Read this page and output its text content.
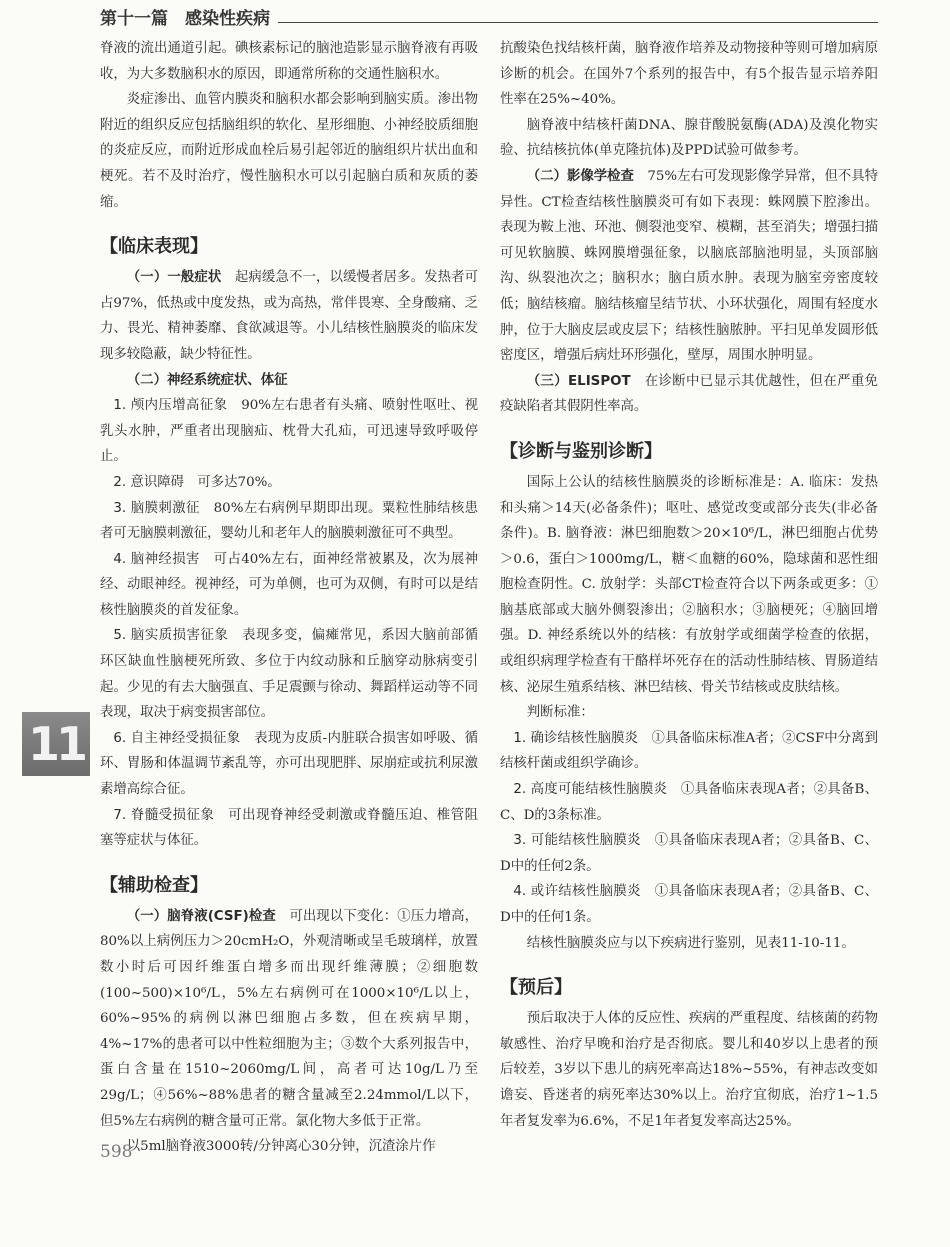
第十一篇　感染性疾病

脊液的流出通道引起。碘核素标记的脑池造影显示脑脊液有再吸收，为大多数脑积水的原因，即通常所称的交通性脑积水。

炎症渗出、血管内膜炎和脑积水都会影响到脑实质。渗出物附近的组织反应包括脑组织的软化、星形细胞、小神经胶质细胞的炎症反应，而附近形成血栓后易引起邻近的脑组织片状出血和梗死。若不及时治疗，慢性脑积水可以引起脑白质和灰质的萎缩。

【临床表现】

（一）一般症状　 起病缓急不一，以缓慢者居多。发热者可占97%，低热或中度发热，或为高热，常伴畏寒、全身酸痛、乏力、畏光、精神萎靡、食欲减退等。小儿结核性脑膜炎的临床发现多较隐蔽，缺少特征性。

（二）神经系统症状、体征

1. 颅内压增高征象　 90%左右患者有头痛、喷射性呕吐、视乳头水肿，严重者出现脑疝、枕骨大孔疝，可迅速导致呼吸停止。

2. 意识障碍　 可多达70%。

3. 脑膜刺激征　 80%左右病例早期即出现。粟粒性肺结核患者可无脑膜刺激征，婴幼儿和老年人的脑膜刺激征可不典型。

4. 脑神经损害　 可占40%左右，面神经常被累及，次为展神经、动眼神经。视神经，可为单侧，也可为双侧，有时可以是结核性脑膜炎的首发征象。

5. 脑实质损害征象　 表现多变，偏瘫常见，系因大脑前部循环区缺血性脑梗死所致、多位于内纹动脉和丘脑穿动脉病变引起。少见的有去大脑强直、手足震颤与徐动、舞蹈样运动等不同表现，取决于病变损害部位。

6. 自主神经受损征象　 表现为皮质-内脏联合损害如呼吸、循环、胃肠和体温调节紊乱等，亦可出现肥胖、尿崩症或抗利尿激素增高综合征。

7. 脊髓受损征象　 可出现脊神经受刺激或脊髓压迫、椎管阻塞等症状与体征。

【辅助检查】

（一）脑脊液(CSF)检查　 可出现以下变化：①压力增高，80%以上病例压力＞20cmH₂O，外观清晰或呈毛玻璃样，放置数小时后可因纤维蛋白增多而出现纤维薄膜；②细胞数(100~500)×10⁶/L，5%左右病例可在1000×10⁶/L以上，60%~95%的病例以淋巴细胞占多数，但在疾病早期，4%~17%的患者可以中性粒细胞为主；③数个大系列报告中，蛋白含量在1510~2060mg/L间，高者可达10g/L乃至29g/L；④56%~88%患者的糖含量减至2.24mmol/L以下，但5%左右病例的糖含量可正常。氯化物大多低于正常。

以5ml脑脊液3000转/分钟离心30分钟，沉渣涂片作

抗酸染色找结核杆菌，脑脊液作培养及动物接种等则可增加病原诊断的机会。在国外7个系列的报告中，有5个报告显示培养阳性率在25%~40%。

脑脊液中结核杆菌DNA、腺苷酸脱氨酶(ADA)及溴化物实验、抗结核抗体(单克隆抗体)及PPD试验可做参考。

（二）影像学检查　 75%左右可发现影像学异常，但不具特异性。CT检查结核性脑膜炎可有如下表现：蛛网膜下腔渗出。表现为鞍上池、环池、侧裂池变窄、模糊，甚至消失；增强扫描可见软脑膜、蛛网膜增强征象，以脑底部脑池明显，头顶部脑沟、纵裂池次之；脑积水；脑白质水肿。表现为脑室旁密度较低；脑结核瘤。脑结核瘤呈结节状、小环状强化，周围有轻度水肿，位于大脑皮层或皮层下；结核性脑脓肿。平扫见单发圆形低密度区，增强后病灶环形强化，壁厚，周围水肿明显。

（三）ELISPOT　 在诊断中已显示其优越性，但在严重免疫缺陷者其假阴性率高。

【诊断与鉴别诊断】

国际上公认的结核性脑膜炎的诊断标准是：A. 临床：发热和头痛＞14天(必备条件)；呕吐、感觉改变或部分丧失(非必备条件)。B. 脑脊液：淋巴细胞数＞20×10⁶/L，淋巴细胞占优势＞0.6，蛋白＞1000mg/L，糖＜血糖的60%，隐球菌和恶性细胞检查阴性。C. 放射学：头部CT检查符合以下两条或更多：①脑基底部或大脑外侧裂渗出；②脑积水；③脑梗死；④脑回增强。D. 神经系统以外的结核：有放射学或细菌学检查的依据，或组织病理学检查有干酪样坏死存在的活动性肺结核、胃肠道结核、泌尿生殖系结核、淋巴结核、骨关节结核或皮肤结核。

判断标准：

1. 确诊结核性脑膜炎　 ①具备临床标准A者；②CSF中分离到结核杆菌或组织学确诊。

2. 高度可能结核性脑膜炎　 ①具备临床表现A者；②具备B、C、D的3条标准。

3. 可能结核性脑膜炎　 ①具备临床表现A者；②具备B、C、D中的任何2条。

4. 或许结核性脑膜炎　 ①具备临床表现A者；②具备B、C、D中的任何1条。

结核性脑膜炎应与以下疾病进行鉴别，见表11-10-11。

【预后】

预后取决于人体的反应性、疾病的严重程度、结核菌的药物敏感性、治疗早晚和治疗是否彻底。婴儿和40岁以上患者的预后较差，3岁以下患儿的病死率高达18%~55%，有神志改变如谵妄、昏迷者的病死率达30%以上。治疗宜彻底，治疗1~1.5年者复发率为6.6%，不足1年者复发率高达25%。

11
598
